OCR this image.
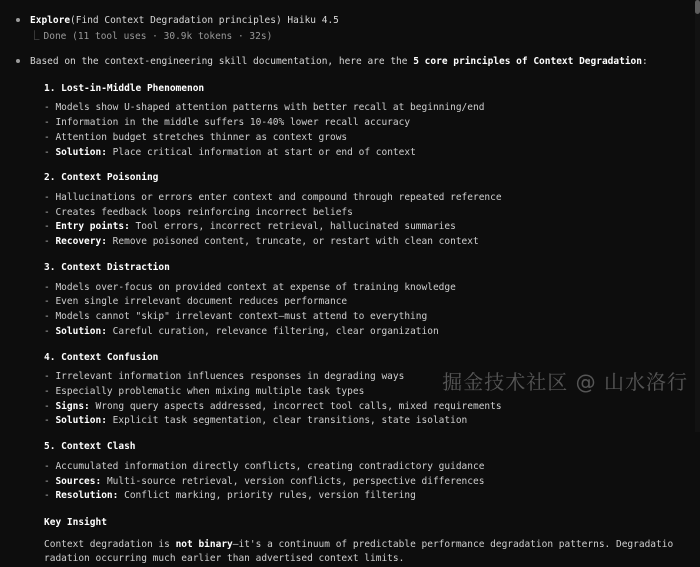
Explore(Find Context Degradation principles) Haiku 4.5
⎿ Done (11 tool uses · 30.9k tokens · 32s)
Based on the context-engineering skill documentation, here are the 5 core principles of Context Degradation:
1. Lost-in-Middle Phenomenon
- Models show U-shaped attention patterns with better recall at beginning/end
- Information in the middle suffers 10-40% lower recall accuracy
- Attention budget stretches thinner as context grows
- Solution: Place critical information at start or end of context
2. Context Poisoning
- Hallucinations or errors enter context and compound through repeated reference
- Creates feedback loops reinforcing incorrect beliefs
- Entry points: Tool errors, incorrect retrieval, hallucinated summaries
- Recovery: Remove poisoned content, truncate, or restart with clean context
3. Context Distraction
- Models over-focus on provided context at expense of training knowledge
- Even single irrelevant document reduces performance
- Models cannot "skip" irrelevant context—must attend to everything
- Solution: Careful curation, relevance filtering, clear organization
4. Context Confusion
- Irrelevant information influences responses in degrading ways
- Especially problematic when mixing multiple task types
- Signs: Wrong query aspects addressed, incorrect tool calls, mixed requirements
- Solution: Explicit task segmentation, clear transitions, state isolation
5. Context Clash
- Accumulated information directly conflicts, creating contradictory guidance
- Sources: Multi-source retrieval, version conflicts, perspective differences
- Resolution: Conflict marking, priority rules, version filtering
Key Insight
Context degradation is not binary—it's a continuum of predictable performance degradation patterns. Degradatio
radation occurring much earlier than advertised context limits.
掘金技术社区 @ 山水洛行
